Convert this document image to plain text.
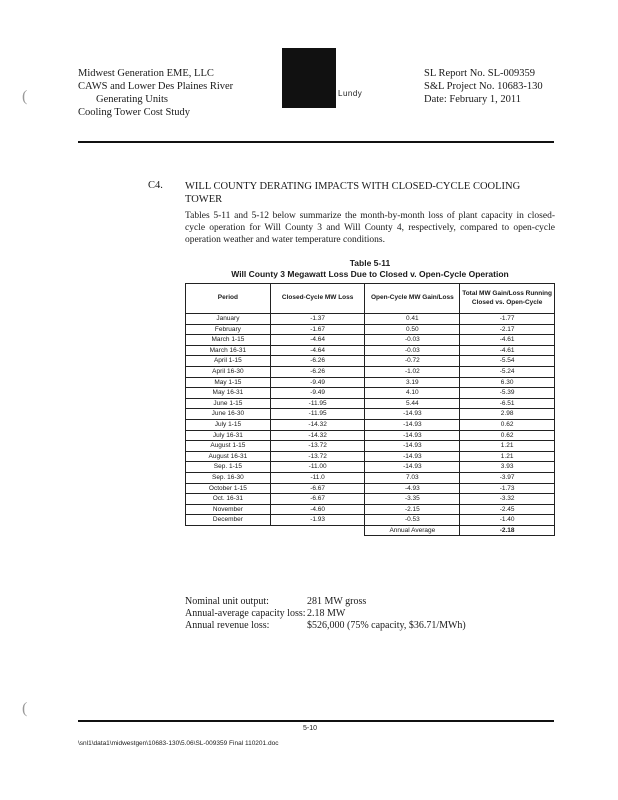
Midwest Generation EME, LLC
CAWS and Lower Des Plaines River
Generating Units
Cooling Tower Cost Study
Lundy
SL Report No. SL-009359
S&L Project No. 10683-130
Date: February 1, 2011
(
(
C4. WILL COUNTY DERATING IMPACTS WITH CLOSED-CYCLE COOLING TOWER
Tables 5-11 and 5-12 below summarize the month-by-month loss of plant capacity in closed-cycle operation for Will County 3 and Will County 4, respectively, compared to open-cycle operation weather and water temperature conditions.
Table 5-11
Will County 3 Megawatt Loss Due to Closed v. Open-Cycle Operation
Period	Closed-Cycle MW Loss	Open-Cycle MW Gain/Loss	Total MW Gain/Loss Running Closed vs. Open-Cycle
January	-1.37	0.41	-1.77
February	-1.67	0.50	-2.17
March 1-15	-4.64	-0.03	-4.61
March 16-31	-4.64	-0.03	-4.61
April 1-15	-6.26	-0.72	-5.54
April 16-30	-6.26	-1.02	-5.24
May 1-15	-9.49	3.19	6.30
May 16-31	-9.49	4.10	-5.39
June 1-15	-11.95	5.44	-6.51
June 16-30	-11.95	-14.93	2.98
July 1-15	-14.32	-14.93	0.62
July 16-31	-14.32	-14.93	0.62
August 1-15	-13.72	-14.93	1.21
August 16-31	-13.72	-14.93	1.21
Sep. 1-15	-11.00	-14.93	3.93
Sep. 16-30	-11.0	7.03	-3.97
October 1-15	-6.67	-4.93	-1.73
Oct. 16-31	-6.67	-3.35	-3.32
November	-4.60	-2.15	-2.45
December	-1.93	-0.53	-1.40
		Annual Average	-2.18
Nominal unit output:	281 MW gross
Annual-average capacity loss: 2.18 MW
Annual revenue loss:	$526,000 (75% capacity, $36.71/MWh)
5-10
\snl1\data1\midwestgen\10683-130\5.06\SL-009359 Final 110201.doc
